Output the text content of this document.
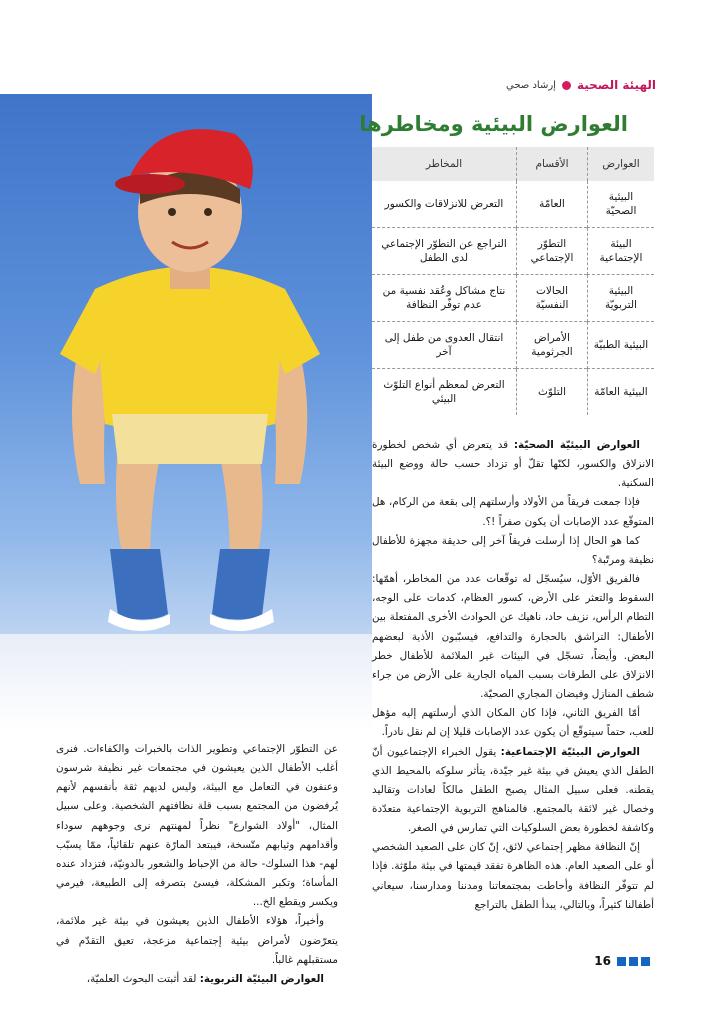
الهيئة الصحية
إرشاد صحي
العوارض البيئية ومخاطرها
العوارض	الأقسام	المخاطر
البيئية الصحيّة	العامّة	التعرض للانزلاقات والكسور
البيئة الإجتماعية	التطوّر الإجتماعي	التراجع عن التطوّر الإجتماعي لدى الطفل
البيئية التربويّة	الحالات النفسيّة	نتاج مشاكل وعُقد نفسية من عدم توفّر النظافة
البيئية الطبيّة	الأمراض الجرثومية	انتقال العدوى من طفل إلى آخر
البيئية العامّة	التلوّث	التعرض لمعظم أنواع التلوّث البيئي

العوارض البيئيّة الصحيّة: قد يتعرض أي شخص لخطورة الانزلاق والكسور، لكنّها تقلّ أو تزداد حسب حالة ووضع البيئة السكنية.

فإذا جمعت فريقاً من الأولاد وأرسلتهم إلى بقعة من الركام، هل المتوقّع عدد الإصابات أن يكون صفراً !؟.

كما هو الحال إذا أرسلت فريقاً آخر إلى حديقة مجهزة للأطفال نظيفة ومرتّبة؟

فالفريق الأوّل، سيُسجّل له توقّعات عدد من المخاطر، أهمّها: السقوط والتعثر على الأرض، كسور العظام، كدمات على الوجه، التطام الرأس، نزيف حاد، ناهيك عن الحوادث الأخرى المفتعلة بين الأطفال: التراشق بالحجارة والتدافع، فيسبّبون الأذية لبعضهم البعض. وأيضاً، تسجّل في البيئات غير الملائمة للأطفال خطر الانزلاق على الطرقات بسبب المياه الجارية على الأرض من جراء شطف المنازل وفيضان المجاري الصحيّة.

أمّا الفريق الثاني، فإذا كان المكان الذي أرسلتهم إليه مؤهل للعب، حتماً سيتوقّع أن يكون عدد الإصابات قليلا إن لم نقل نادراً.

العوارض البيئيّة الإجتماعية: يقول الخبراء الإجتماعيون أنّ الطفل الذي يعيش في بيئة غير جيّدة، يتأثر سلوكه بالمحيط الذي يقطنه. فعلى سبيل المثال يصبح الطفل مالكاً لعادات وتقاليد وخصال غير لائقة بالمجتمع. فالمناهج التربوية الإجتماعية متعدّدة وكاشفة لخطورة بعض السلوكيات التي تمارس في الصغر.

إنّ النظافة مظهر إجتماعي لائق، إنّ كان على الصعيد الشخصي أو على الصعيد العام. هذه الظاهرة تفقد قيمتها في بيئة ملوّثة. فإذا لم تتوفّر النظافة وأحاطت بمجتمعاتنا ومدننا ومدارسنا، سيعاني أطفالنا كثيراً، وبالتالي، يبدأ الطفل بالتراجع

عن التطوّر الإجتماعي وتطوير الذات بالخبرات والكفاءات. فنرى أغلب الأطفال الذين يعيشون في مجتمعات غير نظيفة شرسون وعنفون في التعامل مع البيئة، وليس لديهم ثقة بأنفسهم لأنهم يُرفضون من المجتمع بسبب قلة نظافتهم الشخصية. وعلى سبيل المثال، "أولاد الشوارع" نظراً لمهنتهم نرى وجوههم سوداء وأقدامهم وثيابهم متّسخة، فيبتعد المارّة عنهم تلقائياً، ممّا يسبّب لهم- هذا السلوك- حالة من الإحباط والشعور بالدونيّة، فتزداد عنده المأساة؛ وتكبر المشكلة، فيسئ بتصرفه إلى الطبيعة، فيرمي ويكسر ويقطع الخ...

وأخيراً، هؤلاء الأطفال الذين يعيشون في بيئة غير ملائمة، يتعرّضون لأمراض بيئية إجتماعية مزعجة، تعيق التقدّم في مستقبلهم غالباً.

العوارض البيئيّة التربوية: لقد أثبتت البحوث العلميّة،

16
